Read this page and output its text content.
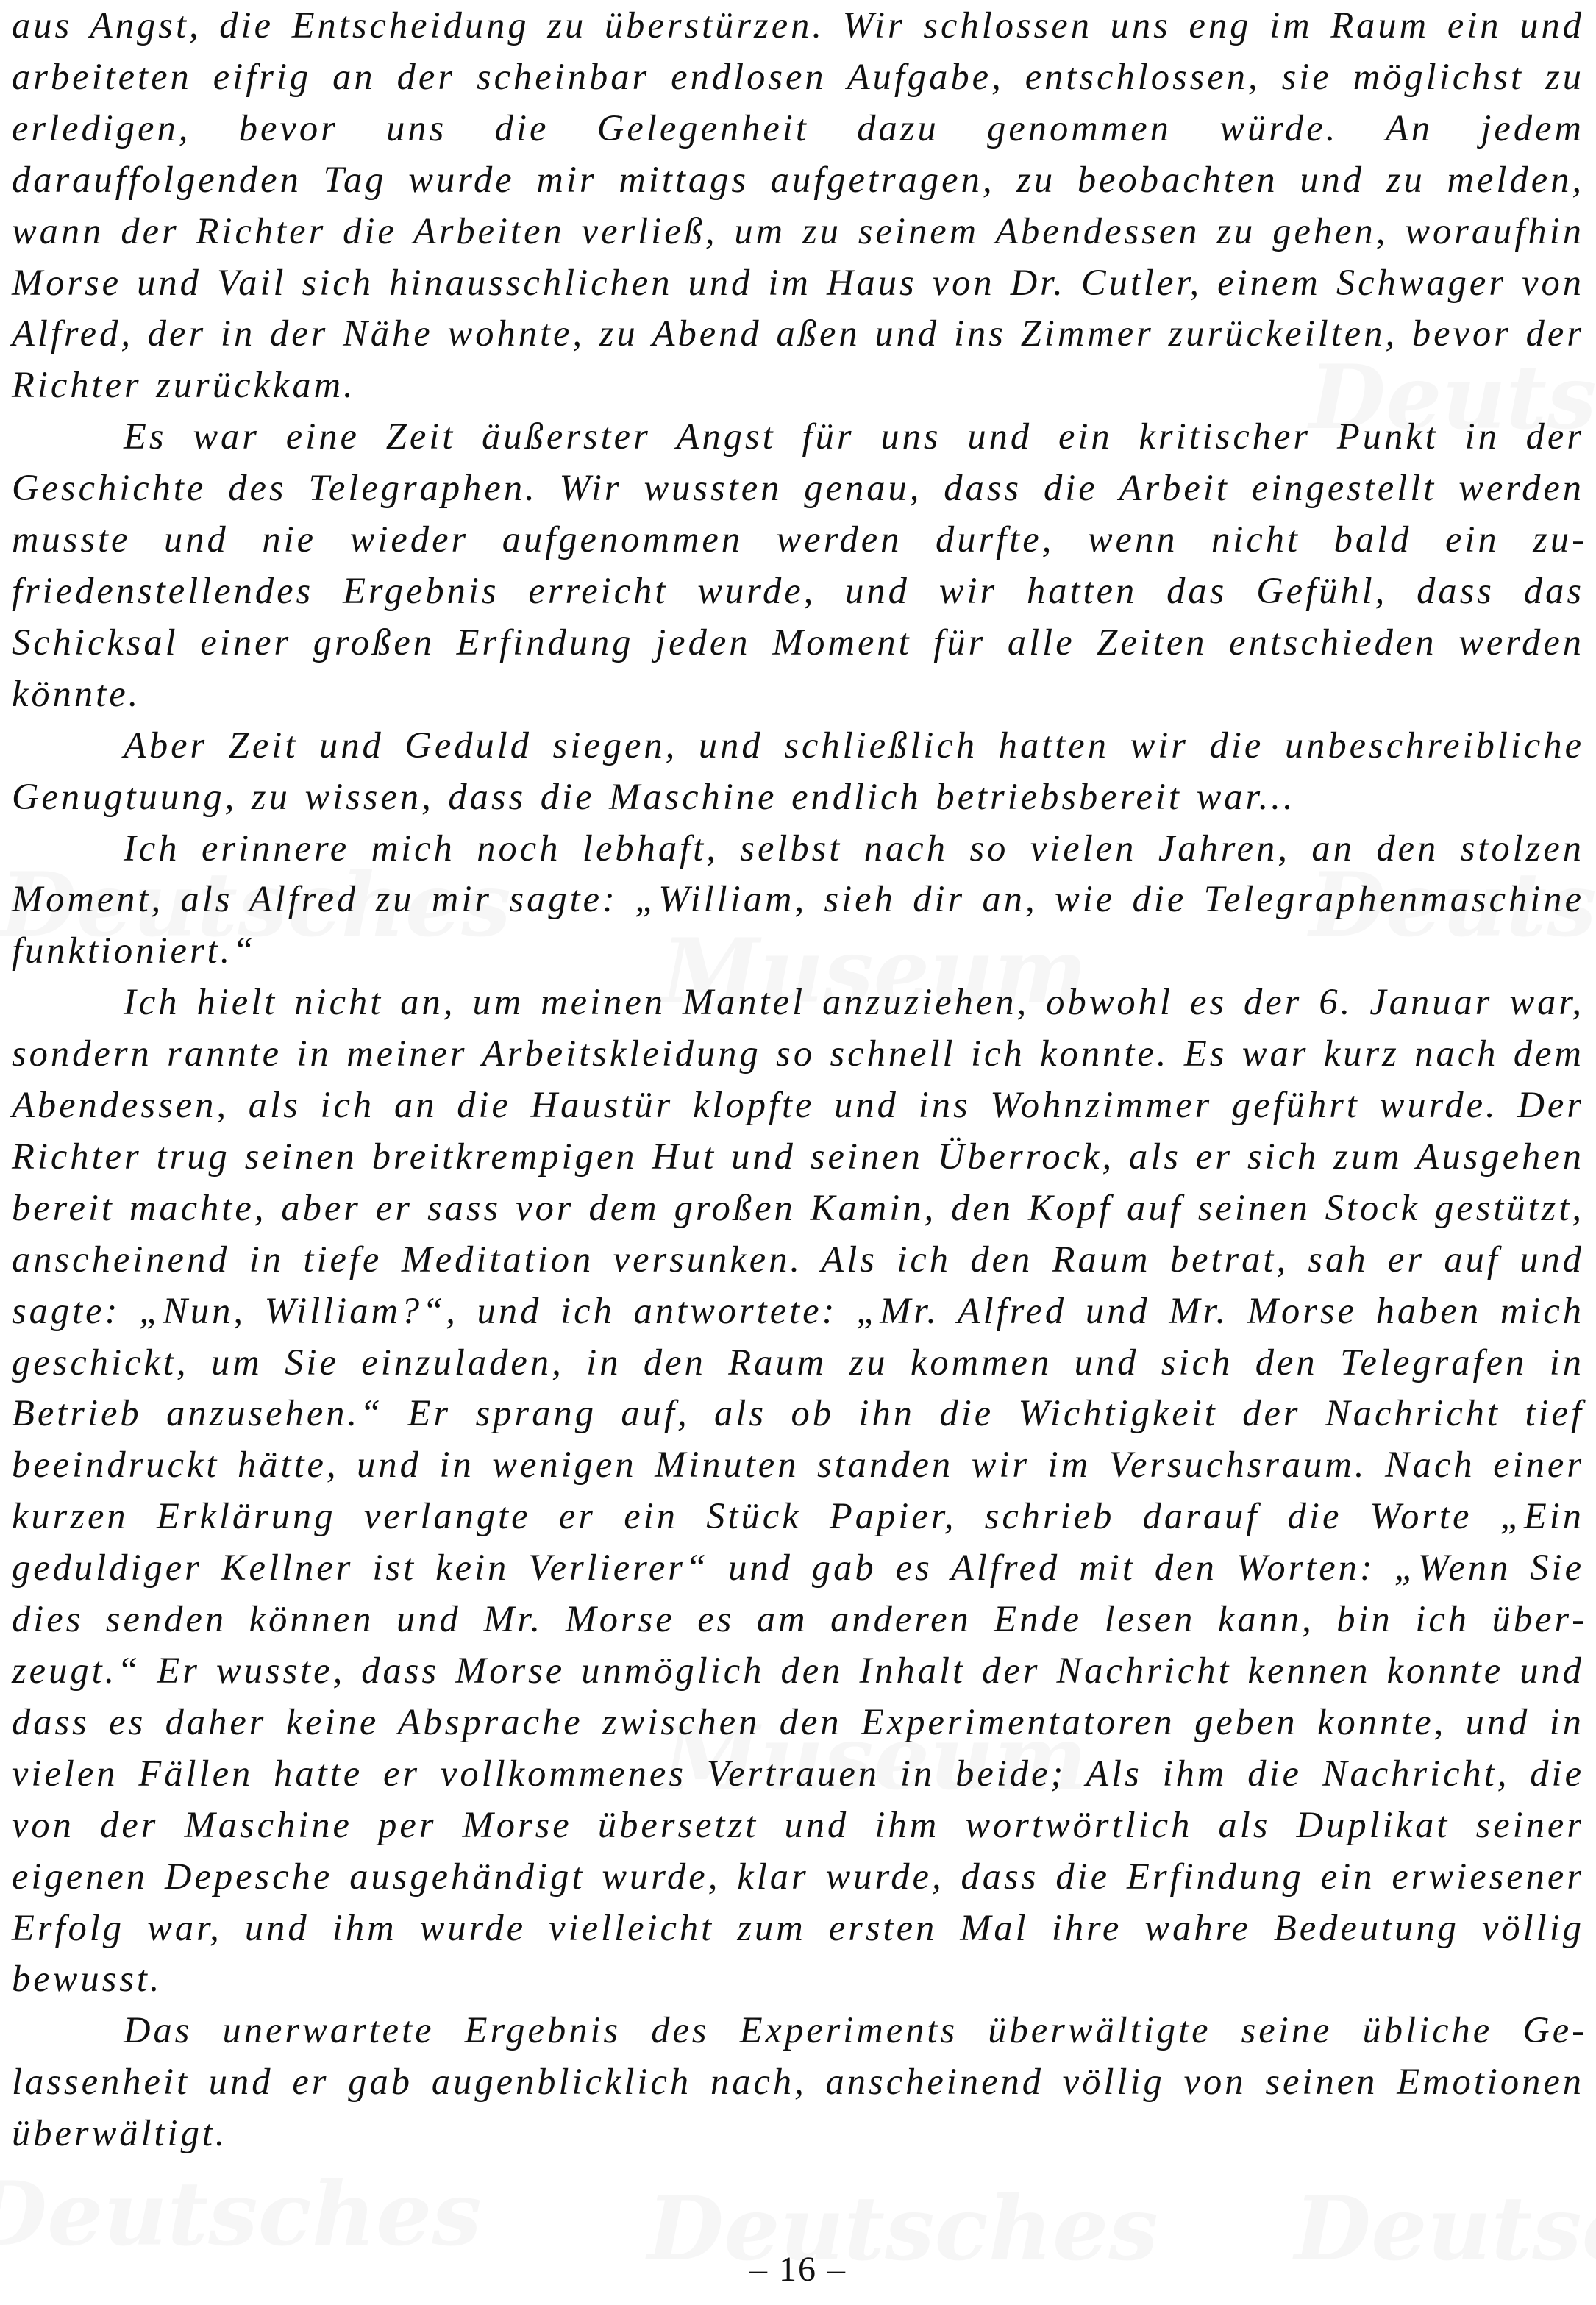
aus Angst, die Entscheidung zu überstürzen. Wir schlossen uns eng im Raum ein und arbeiteten eifrig an der scheinbar endlosen Aufgabe, entschlossen, sie möglichst zu erledigen, bevor uns die Gelegenheit dazu genommen würde. An jedem darauffolgenden Tag wurde mir mittags aufgetragen, zu beobachten und zu melden, wann der Richter die Arbeiten verließ, um zu seinem Abendessen zu gehen, woraufhin Morse und Vail sich hinausschlichen und im Haus von Dr. Cutler, einem Schwager von Alfred, der in der Nähe wohnte, zu Abend aßen und ins Zimmer zurückeilten, bevor der Richter zurückkam.

Es war eine Zeit äußerster Angst für uns und ein kritischer Punkt in der Geschichte des Telegraphen. Wir wussten genau, dass die Arbeit eingestellt werden musste und nie wieder aufgenommen werden durfte, wenn nicht bald ein zufriedenstellendes Ergebnis erreicht wurde, und wir hatten das Gefühl, dass das Schicksal einer großen Erfindung jeden Moment für alle Zeiten entschieden werden könnte.

Aber Zeit und Geduld siegen, und schließlich hatten wir die unbeschreibliche Genugtuung, zu wissen, dass die Maschine endlich betriebsbereit war...

Ich erinnere mich noch lebhaft, selbst nach so vielen Jahren, an den stolzen Moment, als Alfred zu mir sagte: „William, sieh dir an, wie die Telegraphenmaschine funktioniert.“

Ich hielt nicht an, um meinen Mantel anzuziehen, obwohl es der 6. Januar war, sondern rannte in meiner Arbeitskleidung so schnell ich konnte. Es war kurz nach dem Abendessen, als ich an die Haustür klopfte und ins Wohnzimmer geführt wurde. Der Richter trug seinen breitkrempigen Hut und seinen Überrock, als er sich zum Ausgehen bereit machte, aber er sass vor dem großen Kamin, den Kopf auf seinen Stock gestützt, anscheinend in tiefe Meditation versunken. Als ich den Raum betrat, sah er auf und sagte: „Nun, William?“, und ich antwortete: „Mr. Alfred und Mr. Morse haben mich geschickt, um Sie einzuladen, in den Raum zu kommen und sich den Telegrafen in Betrieb anzusehen.“ Er sprang auf, als ob ihn die Wichtigkeit der Nachricht tief beeindruckt hätte, und in wenigen Minuten standen wir im Versuchsraum. Nach einer kurzen Erklärung verlangte er ein Stück Papier, schrieb darauf die Worte „Ein geduldiger Kellner ist kein Verlierer“ und gab es Alfred mit den Worten: „Wenn Sie dies senden können und Mr. Morse es am anderen Ende lesen kann, bin ich überzeugt.“ Er wusste, dass Morse unmöglich den Inhalt der Nachricht kennen konnte und dass es daher keine Absprache zwischen den Experimentatoren geben konnte, und in vielen Fällen hatte er vollkommenes Vertrauen in beide; Als ihm die Nachricht, die von der Maschine per Morse übersetzt und ihm wortwörtlich als Duplikat seiner eigenen Depesche ausgehändigt wurde, klar wurde, dass die Erfindung ein erwiesener Erfolg war, und ihm wurde vielleicht zum ersten Mal ihre wahre Bedeutung völlig bewusst.

Das unerwartete Ergebnis des Experiments überwältigte seine übliche Gelassenheit und er gab augenblicklich nach, anscheinend völlig von seinen Emotionen überwältigt.

– 16 –
